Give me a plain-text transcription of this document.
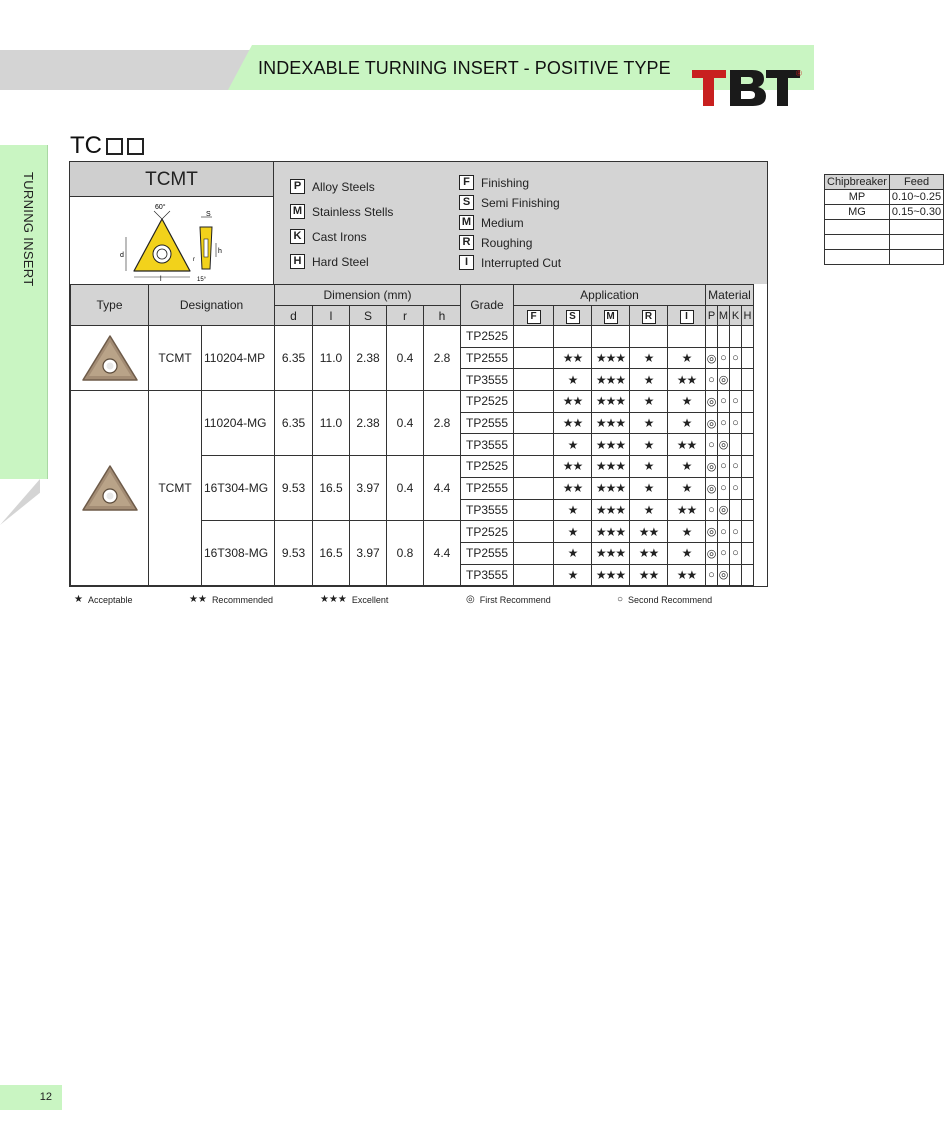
INDEXABLE TURNING INSERT - POSITIVE TYPE	®
TURNING INSERT
TC
TCMT
60°
S
d
h
r
l	15°
P Alloy Steels
M Stainless Stells
K Cast Irons
H Hard Steel
F Finishing
S Semi Finishing
M Medium
R Roughing
I	Interrupted Cut
Chipbreaker	Feed
MP	0.10~0.25
MG	0.15~0.30

Type	Designation		Dimension (mm)					Grade	Application					Material			
			d	l	S	r	h		F	S	M	R	I	P	M	K	H

	TCMT	110204-MP	6.35	11.0	2.38	0.4	2.8	TP2525									
								TP2555		★★	★★★	★	★	◎	○	○	
								TP3555		★	★★★	★	★★	○	◎		

	TCMT	110204-MG	6.35	11.0	2.38	0.4	2.8	TP2525		★★	★★★	★	★	◎	○	○	
								TP2555		★★	★★★	★	★	◎	○	○	
								TP3555		★	★★★	★	★★	○	◎		
		16T304-MG	9.53	16.5	3.97	0.4	4.4	TP2525		★★	★★★	★	★	◎	○	○	
								TP2555		★★	★★★	★	★	◎	○	○	
								TP3555		★	★★★	★	★★	○	◎		
		16T308-MG	9.53	16.5	3.97	0.8	4.4	TP2525		★	★★★	★★	★	◎	○	○	
								TP2555		★	★★★	★★	★	◎	○	○	
								TP3555		★	★★★	★★	★★	○	◎		
★ Acceptable	★★ Recommended	★★★ Excellent	◎ First Recommend	○ Second Recommend
12
